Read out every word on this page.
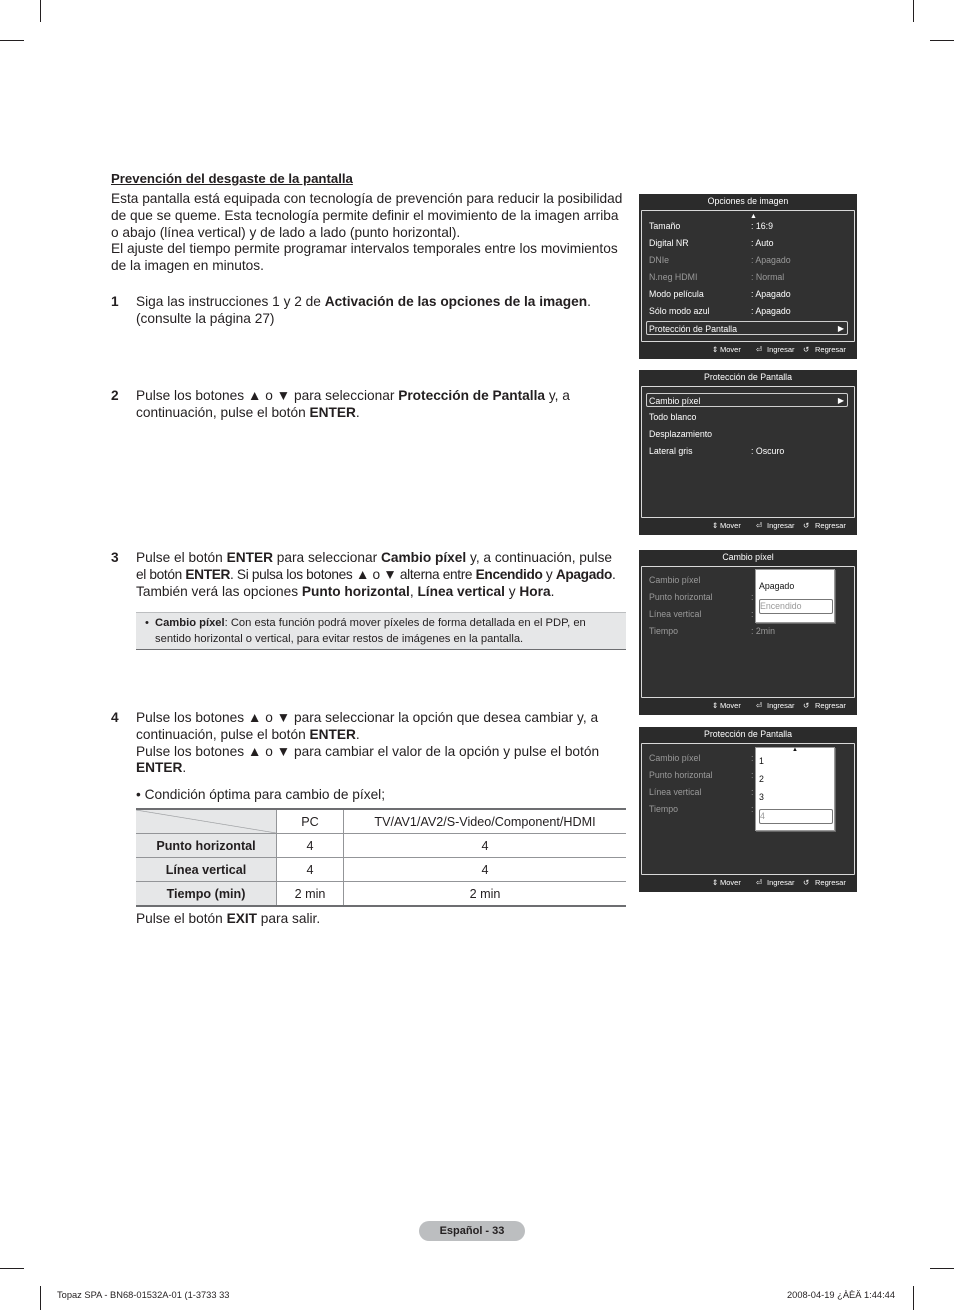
Prevención del desgaste de la pantalla
Esta pantalla está equipada con tecnología de prevención para reducir la posibilidad
de que se queme. Esta tecnología permite definir el movimiento de la imagen arriba
o abajo (línea vertical) y de lado a lado (punto horizontal).
El ajuste del tiempo permite programar intervalos temporales entre los movimientos
de la imagen en minutos.
1 Siga las instrucciones 1 y 2 de Activación de las opciones de la imagen.
(consulte la página 27)
2 Pulse los botones ▲ o ▼ para seleccionar Protección de Pantalla y, a
continuación, pulse el botón ENTER.
3 Pulse el botón ENTER para seleccionar Cambio píxel y, a continuación, pulse
el botón ENTER. Si pulsa los botones ▲ o ▼ alterna entre Encendido y Apagado.
También verá las opciones Punto horizontal, Línea vertical y Hora.
• Cambio píxel: Con esta función podrá mover píxeles de forma detallada en el PDP, en
sentido horizontal o vertical, para evitar restos de imágenes en la pantalla.
4 Pulse los botones ▲ o ▼ para seleccionar la opción que desea cambiar y, a
continuación, pulse el botón ENTER.
Pulse los botones ▲ o ▼ para cambiar el valor de la opción y pulse el botón
ENTER.
• Condición óptima para cambio de píxel;
	PC	TV/AV1/AV2/S-Video/Component/HDMI
Punto horizontal	4	4
Línea vertical	4	4
Tiempo (min)	2 min	2 min
Pulse el botón EXIT para salir.
Opciones de imagen
▲
Tamaño	: 16:9
Digital NR	: Auto
DNIe	: Apagado
N.neg HDMI	: Normal
Modo película	: Apagado
Sólo modo azul	: Apagado
Protección de Pantalla	▶
⇕ Mover ⏎ Ingresar ↺ Regresar
Protección de Pantalla
Cambio píxel	▶
Todo blanco
Desplazamiento
Lateral gris	: Oscuro
⇕ Mover ⏎ Ingresar ↺ Regresar
Cambio píxel
Cambio píxel
Punto horizontal	:
Línea vertical	:
Tiempo	: 2min
Apagado
Encendido
⇕ Mover ⏎ Ingresar ↺ Regresar
Protección de Pantalla
Cambio píxel	:
Punto horizontal	:
Línea vertical	:
Tiempo	:
▲
1
2
3
4
⇕ Mover ⏎ Ingresar ↺ Regresar
Español - 33
Topaz SPA - BN68-01532A-01 (1-3733 33	2008-04-19 ¿ÀÈÄ 1:44:44
